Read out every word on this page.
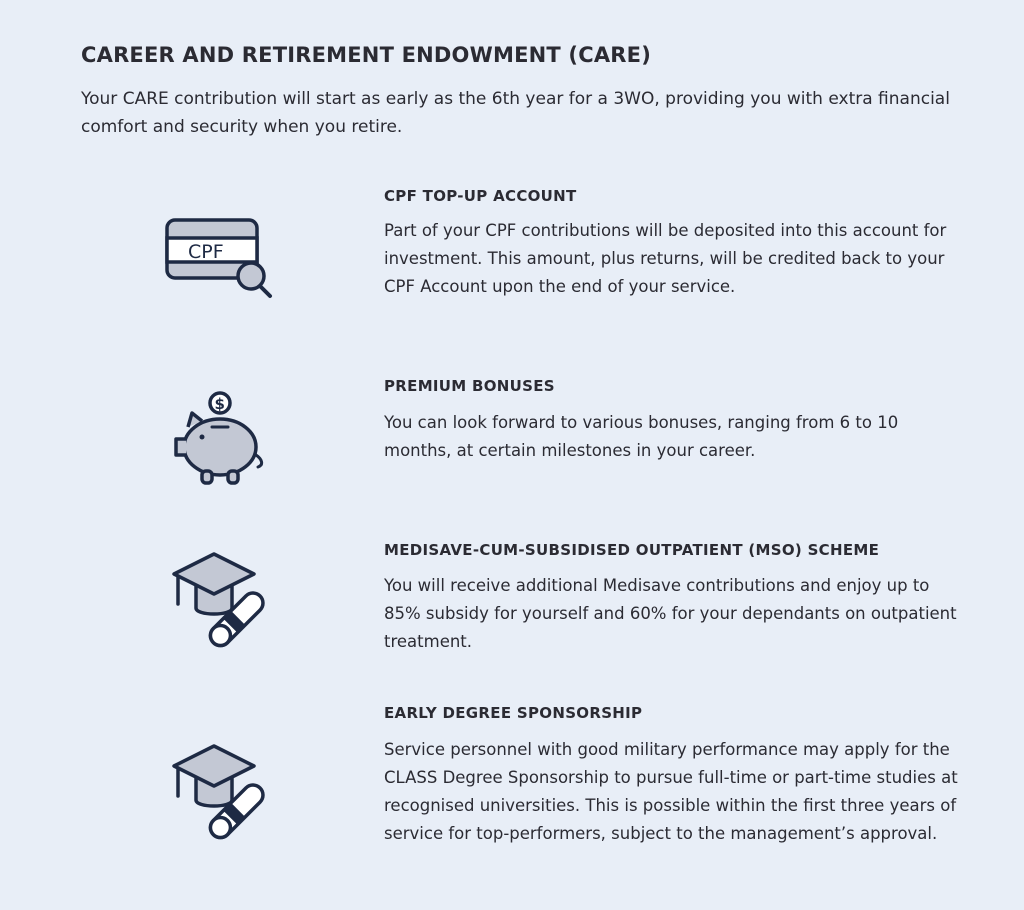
CAREER AND RETIREMENT ENDOWMENT (CARE)

Your CARE contribution will start as early as the 6th year for a 3WO, providing you with extra financial comfort and security when you retire.

CPF
CPF TOP-UP ACCOUNT

Part of your CPF contributions will be deposited into this account for investment. This amount, plus returns, will be credited back to your CPF Account upon the end of your service.

$
PREMIUM BONUSES

You can look forward to various bonuses, ranging from 6 to 10 months, at certain milestones in your career.

MEDISAVE-CUM-SUBSIDISED OUTPATIENT (MSO) SCHEME

You will receive additional Medisave contributions and enjoy up to 85% subsidy for yourself and 60% for your dependants on outpatient treatment.

EARLY DEGREE SPONSORSHIP

Service personnel with good military performance may apply for the CLASS Degree Sponsorship to pursue full-time or part-time studies at recognised universities. This is possible within the first three years of service for top-performers, subject to the management’s approval.
